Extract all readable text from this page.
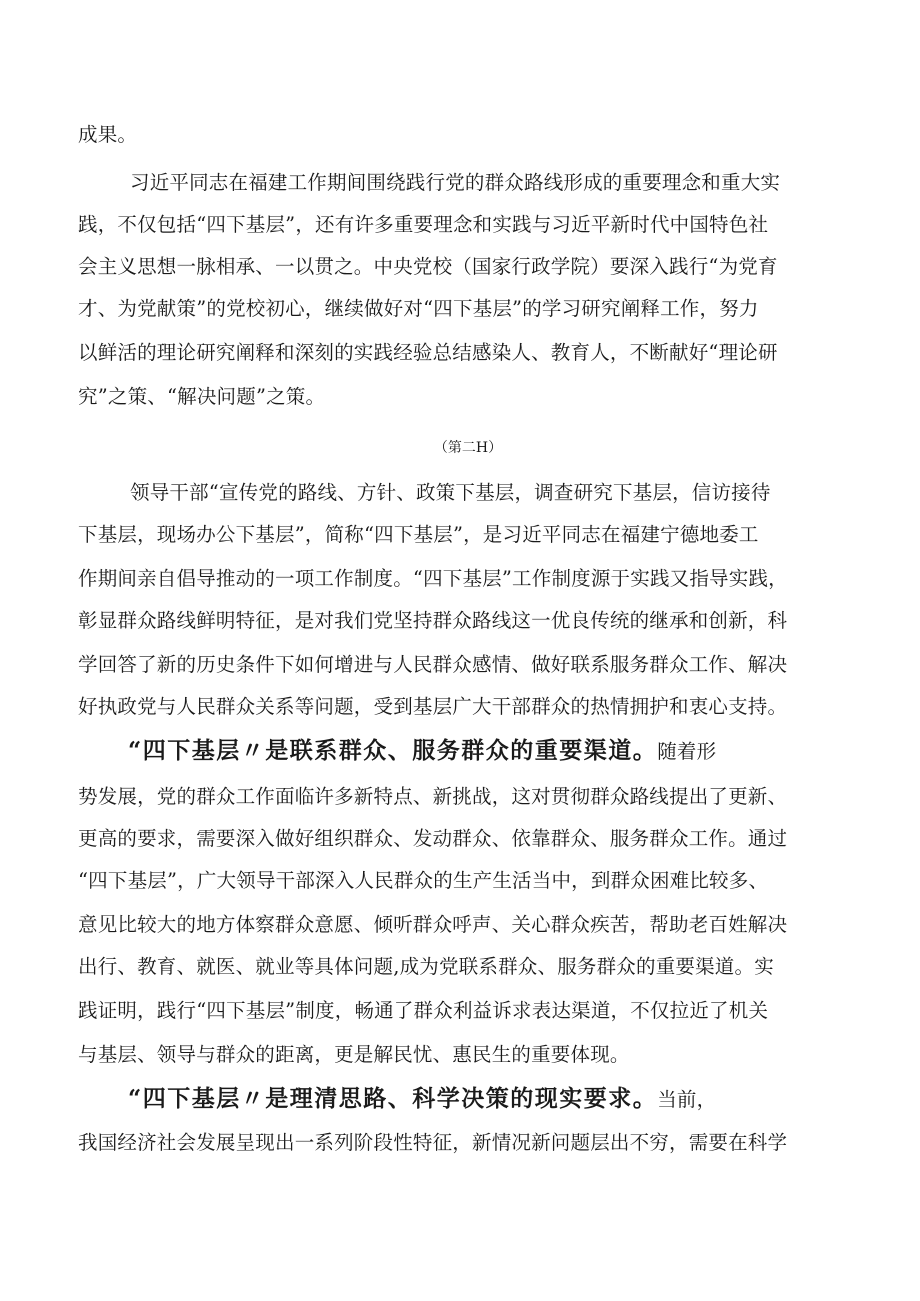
成果。
习近平同志在福建工作期间围绕践行党的群众路线形成的重要理念和重大实
践，不仅包括“四下基层”，还有许多重要理念和实践与习近平新时代中国特色社
会主义思想一脉相承、一以贯之。中央党校（国家行政学院）要深入践行“为党育
才、为党献策”的党校初心，继续做好对“四下基层”的学习研究阐释工作，努力
以鲜活的理论研究阐释和深刻的实践经验总结感染人、教育人，不断献好“理论研
究”之策、“解决问题”之策。
（第二H）
领导干部“宣传党的路线、方针、政策下基层，调查研究下基层，信访接待
下基层，现场办公下基层”，简称“四下基层”，是习近平同志在福建宁德地委工
作期间亲自倡导推动的一项工作制度。“四下基层”工作制度源于实践又指导实践，
彰显群众路线鲜明特征，是对我们党坚持群众路线这一优良传统的继承和创新，科
学回答了新的历史条件下如何增进与人民群众感情、做好联系服务群众工作、解决
好执政党与人民群众关系等问题，受到基层广大干部群众的热情拥护和衷心支持。
“四下基层〃是联系群众、服务群众的重要渠道。随着形
势发展，党的群众工作面临许多新特点、新挑战，这对贯彻群众路线提出了更新、
更高的要求，需要深入做好组织群众、发动群众、依靠群众、服务群众工作。通过
“四下基层”，广大领导干部深入人民群众的生产生活当中，到群众困难比较多、
意见比较大的地方体察群众意愿、倾听群众呼声、关心群众疾苦，帮助老百姓解决
出行、教育、就医、就业等具体问题,成为党联系群众、服务群众的重要渠道。实
践证明，践行“四下基层”制度，畅通了群众利益诉求表达渠道，不仅拉近了机关
与基层、领导与群众的距离，更是解民忧、惠民生的重要体现。
“四下基层〃是理清思路、科学决策的现实要求。当前，
我国经济社会发展呈现出一系列阶段性特征，新情况新问题层出不穷，需要在科学
